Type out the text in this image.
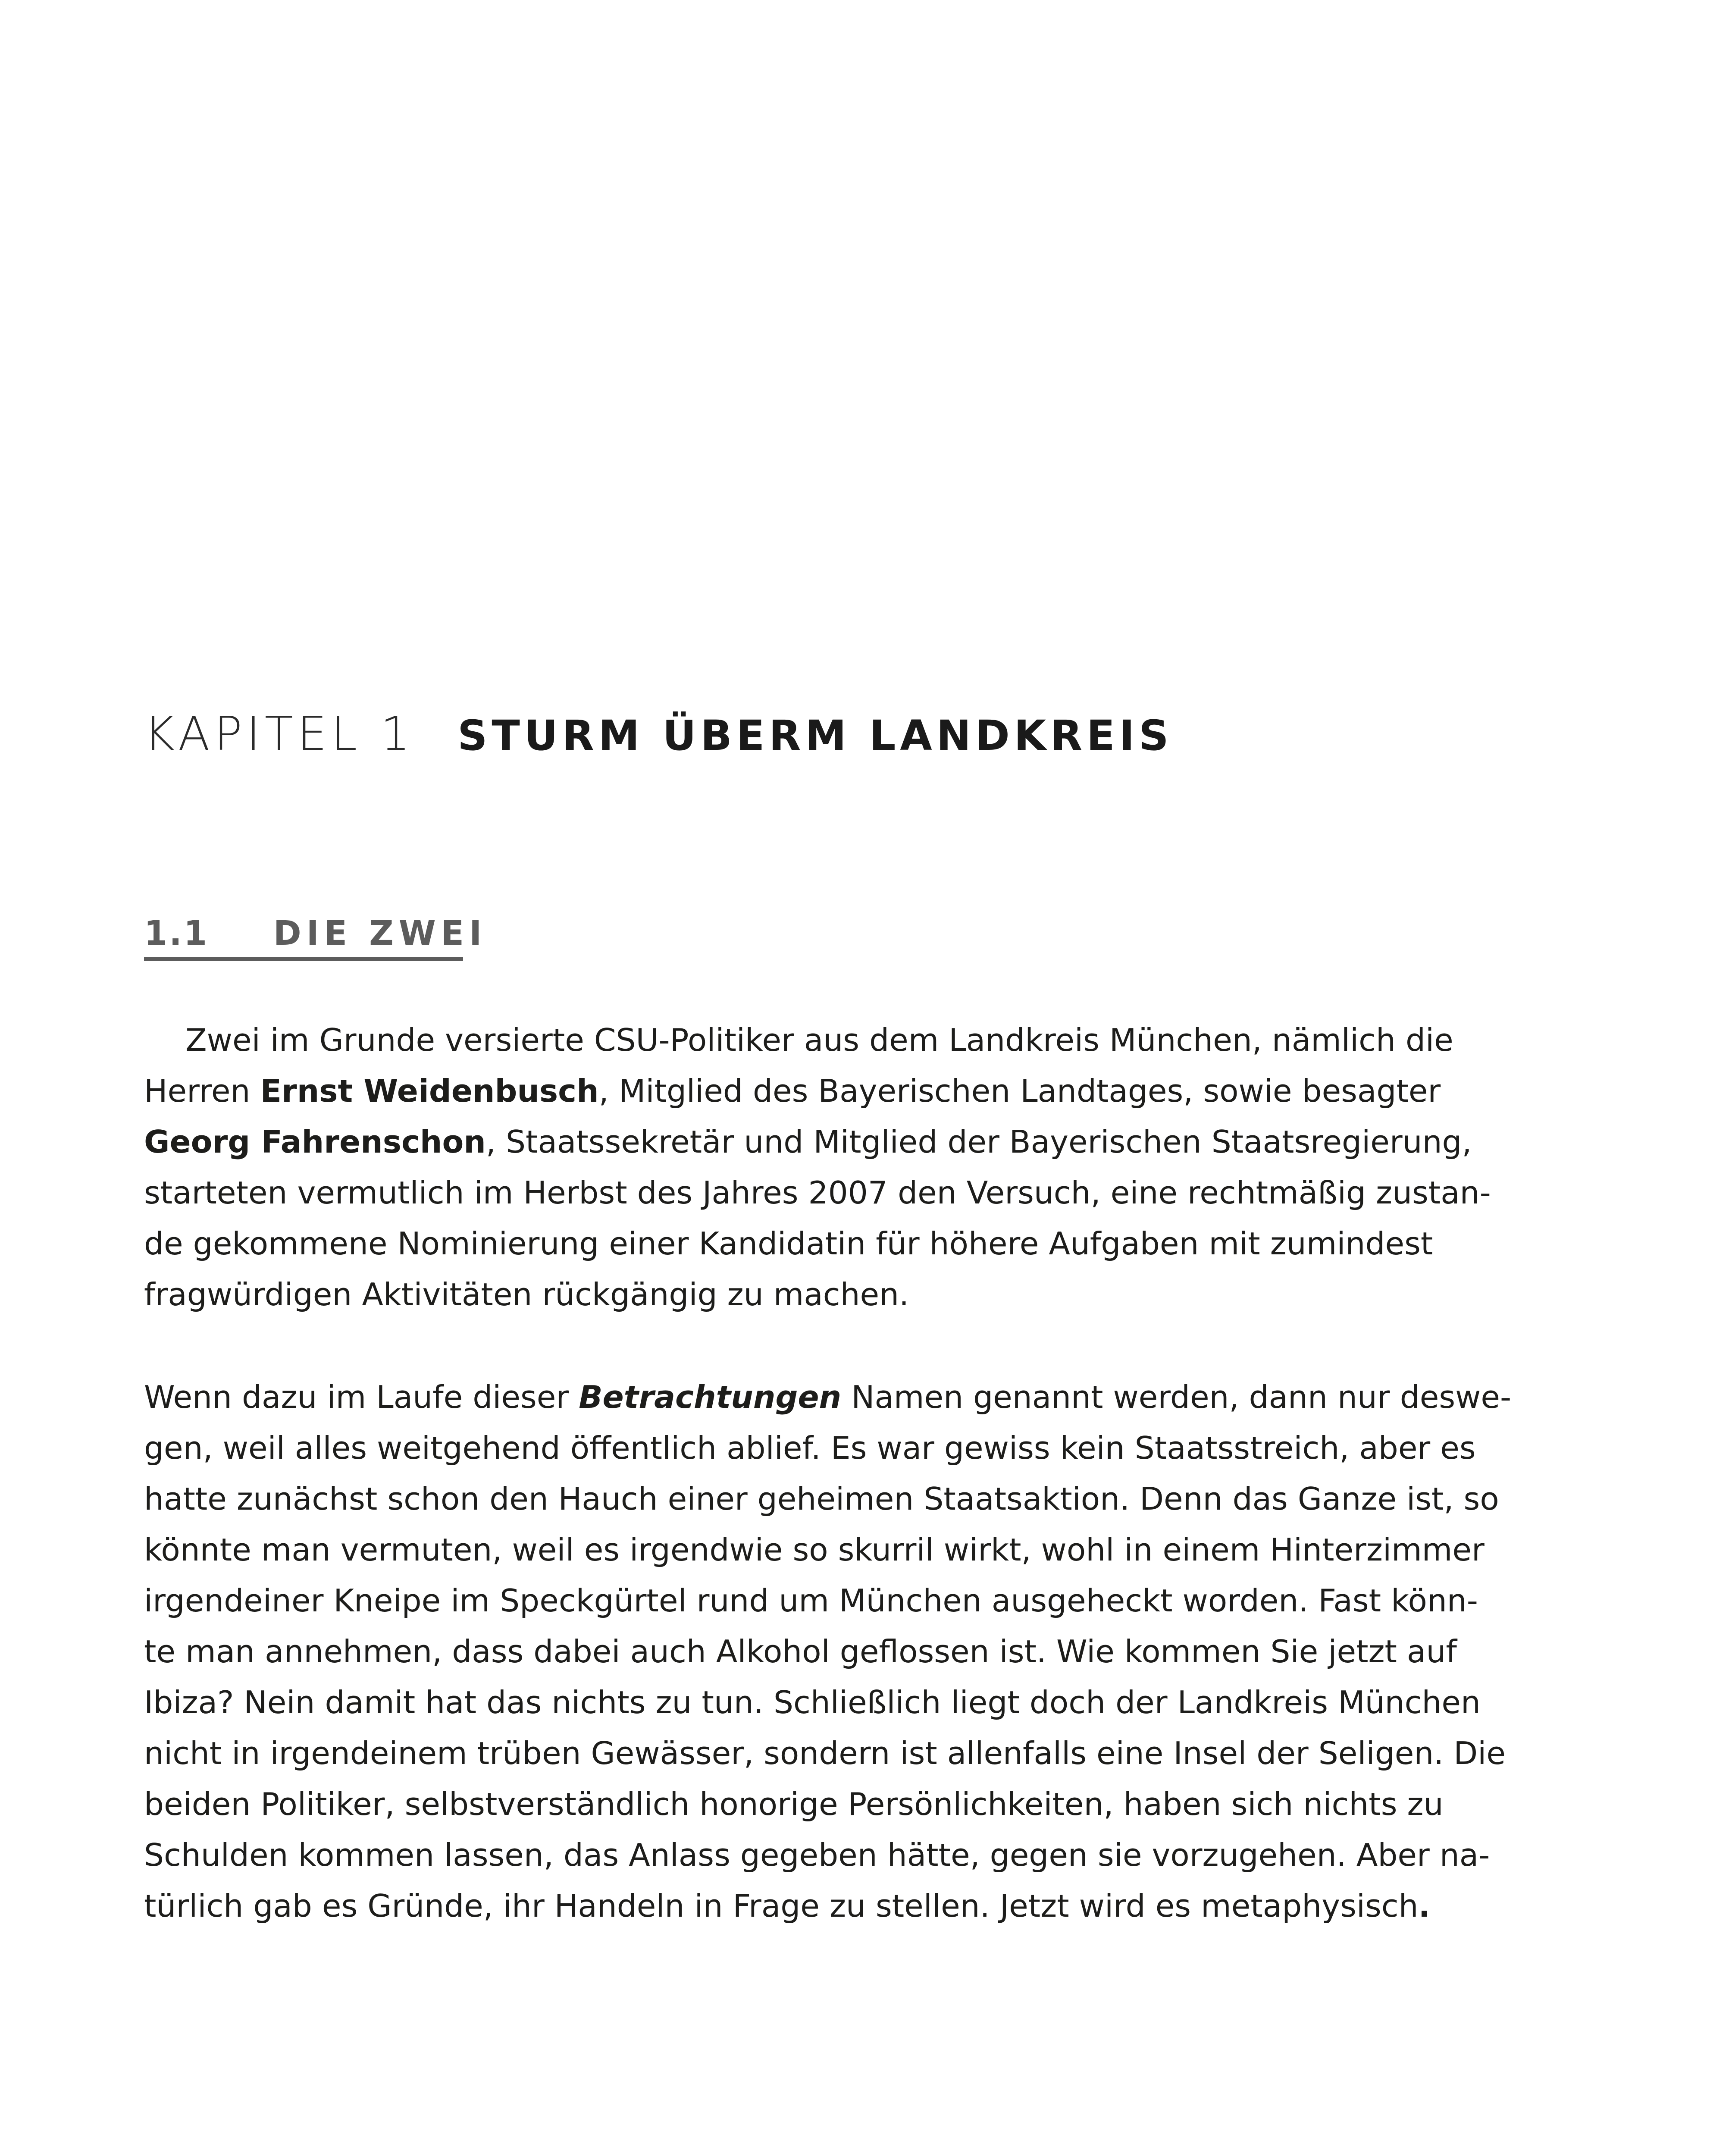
KAPITEL 1 STURM ÜBERM LANDKREIS
1.1 DIE ZWEI

Zwei im Grunde versierte CSU-Politiker aus dem Landkreis München, nämlich die
Herren Ernst Weidenbusch, Mitglied des Bayerischen Landtages, sowie besagter
Georg Fahrenschon, Staatssekretär und Mitglied der Bayerischen Staatsregierung,
starteten vermutlich im Herbst des Jahres 2007 den Versuch, eine rechtmäßig zustan-
de gekommene Nominierung einer Kandidatin für höhere Aufgaben mit zumindest
fragwürdigen Aktivitäten rückgängig zu machen.

Wenn dazu im Laufe dieser Betrachtungen Namen genannt werden, dann nur deswe-
gen, weil alles weitgehend öffentlich ablief. Es war gewiss kein Staatsstreich, aber es
hatte zunächst schon den Hauch einer geheimen Staatsaktion. Denn das Ganze ist, so
könnte man vermuten, weil es irgendwie so skurril wirkt, wohl in einem Hinterzimmer
irgendeiner Kneipe im Speckgürtel rund um München ausgeheckt worden. Fast könn-
te man annehmen, dass dabei auch Alkohol geflossen ist. Wie kommen Sie jetzt auf
Ibiza? Nein damit hat das nichts zu tun. Schließlich liegt doch der Landkreis München
nicht in irgendeinem trüben Gewässer, sondern ist allenfalls eine Insel der Seligen. Die
beiden Politiker, selbstverständlich honorige Persönlichkeiten, haben sich nichts zu
Schulden kommen lassen, das Anlass gegeben hätte, gegen sie vorzugehen. Aber na-
türlich gab es Gründe, ihr Handeln in Frage zu stellen. Jetzt wird es metaphysisch.
